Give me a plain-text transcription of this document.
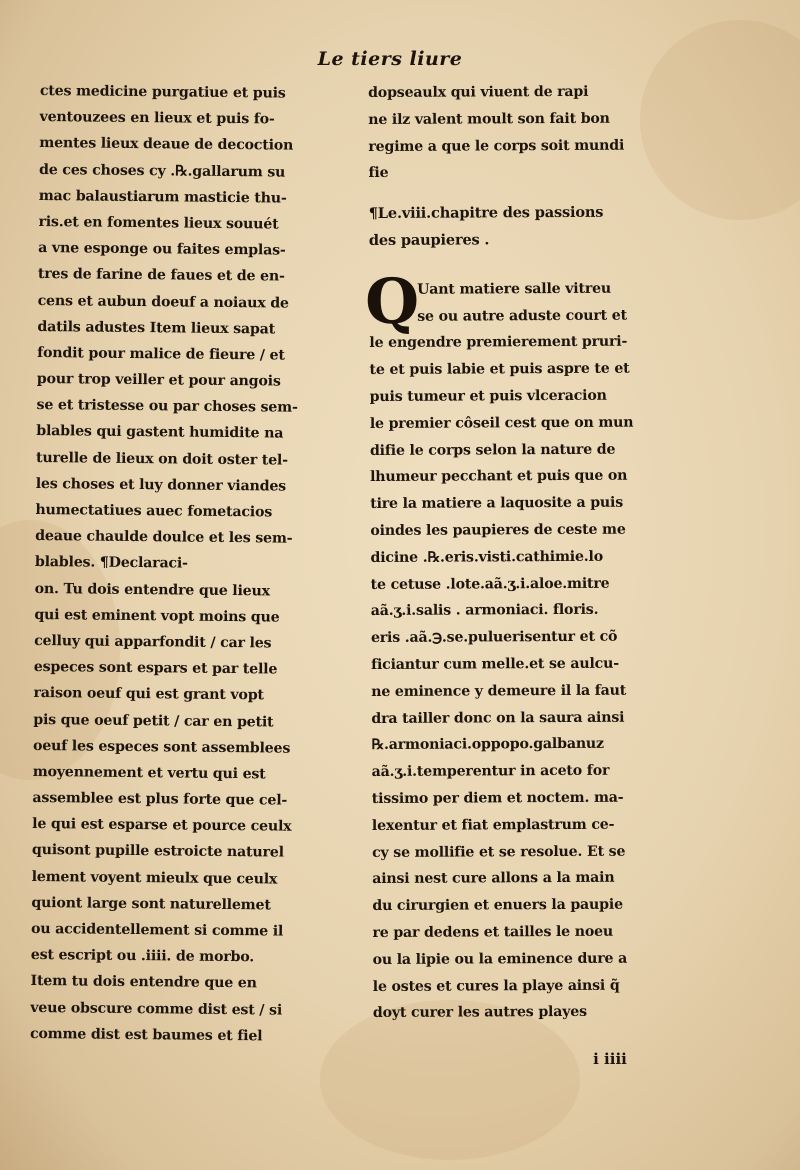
Le tiers liure
ctes medicine purgatiue et puis
ventouzees en lieux et puis fo-
mentes lieux deaue de decoction
de ces choses cy .℞.gallarum su
mac balaustiarum masticie thu-
ris.et en fomentes lieux souuét
a vne esponge ou faites emplas-
tres de farine de faues et de en-
cens et aubun doeuf a noiaux de
datils adustes Item lieux sapat
fondit pour malice de fieure / et
pour trop veiller et pour angois
se et tristesse ou par choses sem-
blables qui gastent humidite na
turelle de lieux on doit oster tel-
les choses et luy donner viandes
humectatiues auec fometacios
deaue chaulde doulce et les sem-
blables. ¶Declaraci-
on. Tu dois entendre que lieux
qui est eminent vopt moins que
celluy qui apparfondit / car les
especes sont espars et par telle
raison oeuf qui est grant vopt
pis que oeuf petit / car en petit
oeuf les especes sont assemblees
moyennement et vertu qui est
assemblee est plus forte que cel-
le qui est esparse et pource ceulx
quisont pupille estroicte naturel
lement voyent mieulx que ceulx
quiont large sont naturellemet
ou accidentellement si comme il
est escript ou .iiii. de morbo.
Item tu dois entendre que en
veue obscure comme dist est / si
comme dist est baumes et fiel
dopseaulx qui viuent de rapi
ne ilz valent moult son fait bon
regime a que le corps soit mundi
fie
¶Le.viii.chapitre des passions
des paupieres .
Q
Uant matiere salle vitreu
se ou autre aduste court et
le engendre premierement pruri-
te et puis labie et puis aspre te et
puis tumeur et puis vlceracion
le premier côseil cest que on mun
difie le corps selon la nature de
lhumeur pecchant et puis que on
tire la matiere a laquosite a puis
oindes les paupieres de ceste me
dicine .℞.eris.visti.cathimie.lo
te cetuse .lote.aã.ʒ.i.aloe.mitre
aã.ʒ.i.salis . armoniaci. floris.
eris .aã.℈.se.puluerisentur et cõ
ficiantur cum melle.et se aulcu-
ne eminence y demeure il la faut
dra tailler donc on la saura ainsi
℞.armoniaci.oppopo.galbanuz
aã.ʒ.i.temperentur in aceto for
tissimo per diem et noctem. ma-
lexentur et fiat emplastrum ce-
cy se mollifie et se resolue. Et se
ainsi nest cure allons a la main
du cirurgien et enuers la paupie
re par dedens et tailles le noeu
ou la lipie ou la eminence dure a
le ostes et cures la playe ainsi q̃
doyt curer les autres playes
i iiii
